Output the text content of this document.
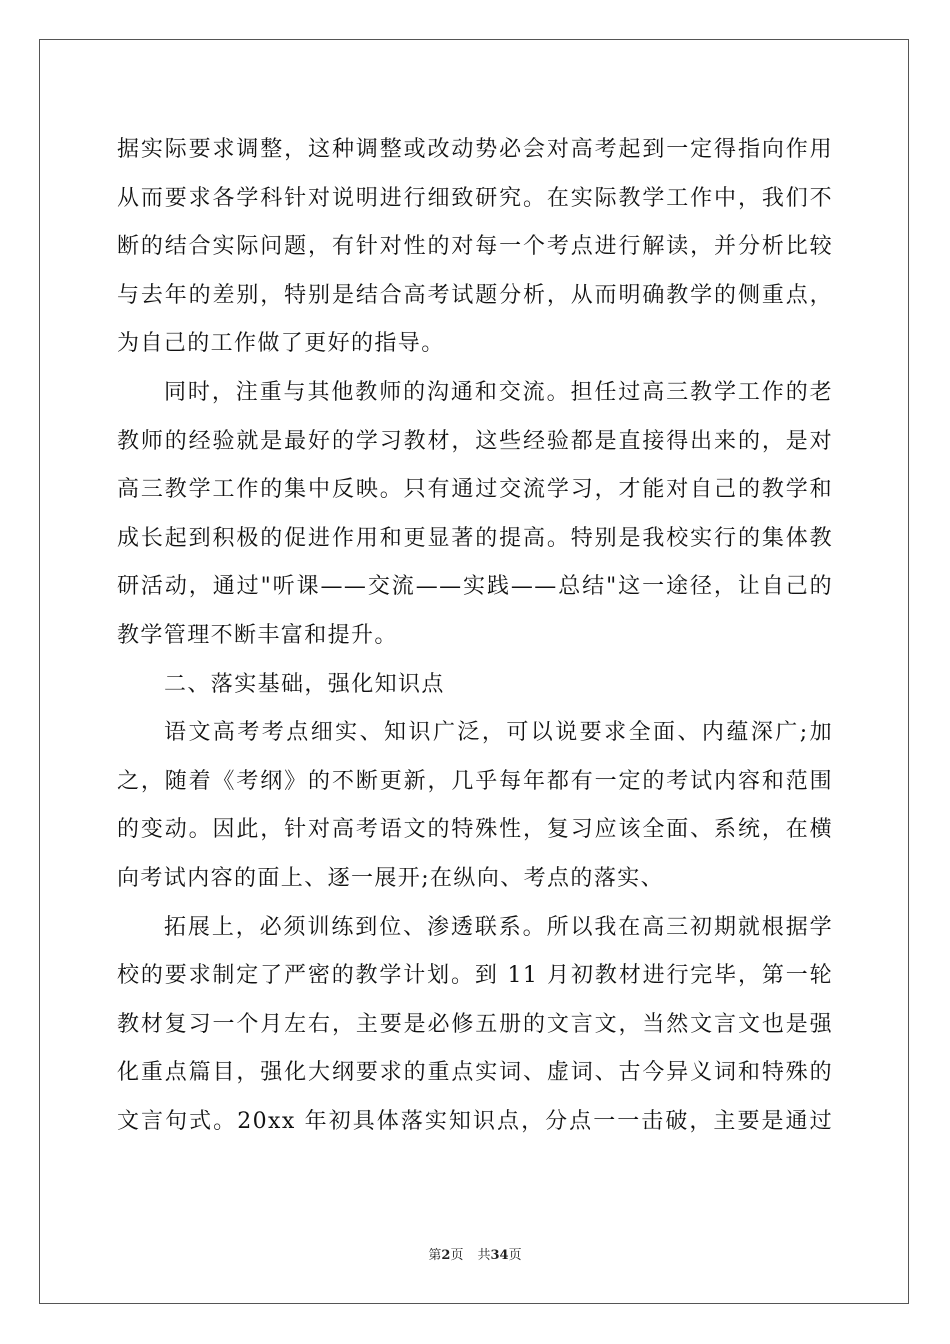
据实际要求调整，这种调整或改动势必会对高考起到一定得指向作用
从而要求各学科针对说明进行细致研究。在实际教学工作中，我们不
断的结合实际问题，有针对性的对每一个考点进行解读，并分析比较
与去年的差别，特别是结合高考试题分析，从而明确教学的侧重点，
为自己的工作做了更好的指导。
同时，注重与其他教师的沟通和交流。担任过高三教学工作的老
教师的经验就是最好的学习教材，这些经验都是直接得出来的，是对
高三教学工作的集中反映。只有通过交流学习，才能对自己的教学和
成长起到积极的促进作用和更显著的提高。特别是我校实行的集体教
研活动，通过"听课——交流——实践——总结"这一途径，让自己的
教学管理不断丰富和提升。
二、落实基础，强化知识点
语文高考考点细实、知识广泛，可以说要求全面、内蕴深广;加
之，随着《考纲》的不断更新，几乎每年都有一定的考试内容和范围
的变动。因此，针对高考语文的特殊性，复习应该全面、系统，在横
向考试内容的面上、逐一展开;在纵向、考点的落实、
拓展上，必须训练到位、渗透联系。所以我在高三初期就根据学
校的要求制定了严密的教学计划。到 11 月初教材进行完毕，第一轮
教材复习一个月左右，主要是必修五册的文言文，当然文言文也是强
化重点篇目，强化大纲要求的重点实词、虚词、古今异义词和特殊的
文言句式。20xx 年初具体落实知识点，分点一一击破，主要是通过
第2页 共34页
